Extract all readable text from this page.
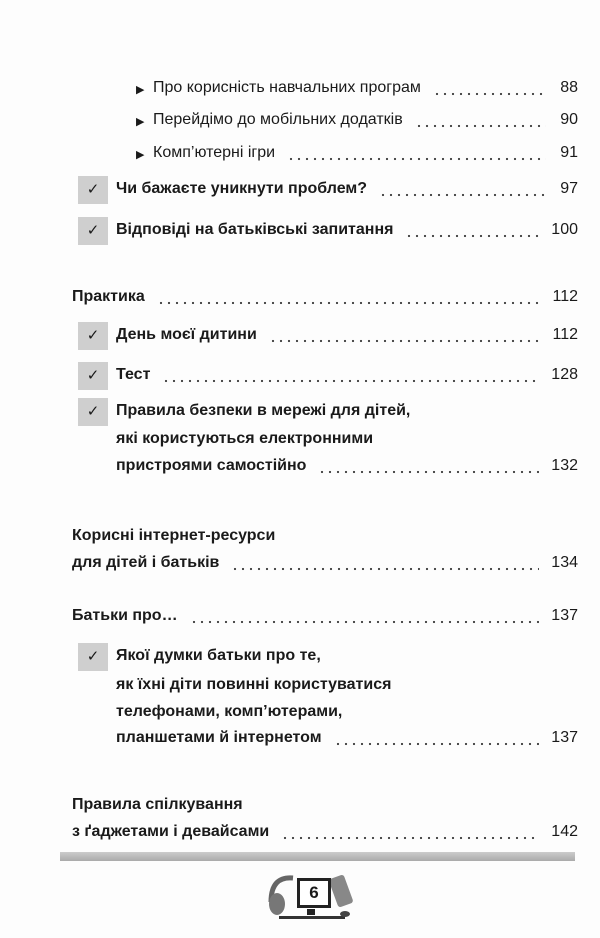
▶ Про корисність навчальних програм	88
▶ Перейдімо до мобільних додатків	90
▶ Комп’ютерні ігри	91
✓	Чи бажаєте уникнути проблем?	97
✓	Відповіді на батьківські запитання	100
Практика	112
✓	День моєї дитини	112
✓	Тест	128
✓	Правила безпеки в мережі для дітей,
які користуються електронними
пристроями самостійно	132
Корисні інтернет-ресурси
для дітей і батьків	134
Батьки про…	137
✓	Якої думки батьки про те,
як їхні діти повинні користуватися
телефонами, комп’ютерами,
планшетами й інтернетом	137
Правила спілкування
з ґаджетами і девайсами	142
6
